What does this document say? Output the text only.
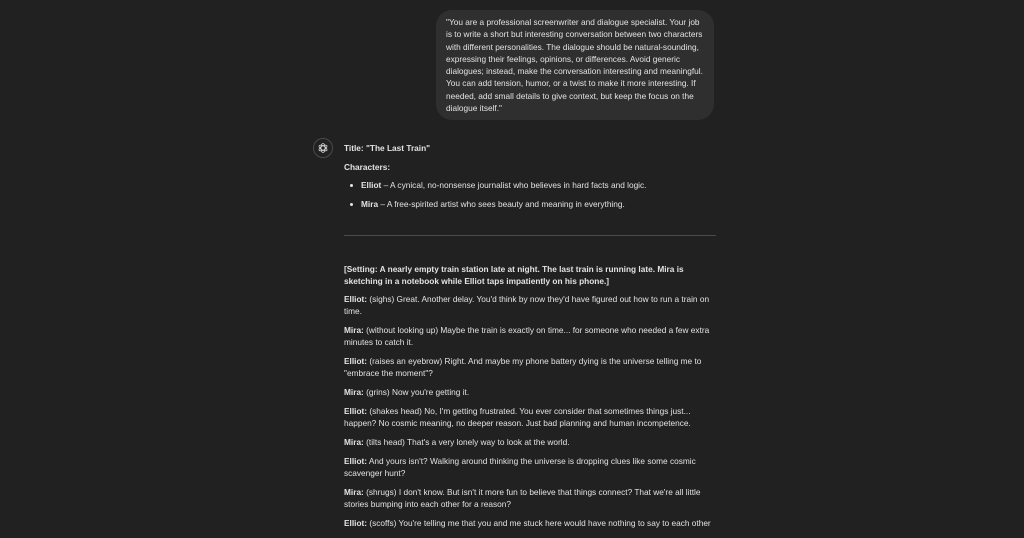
"You are a professional screenwriter and dialogue specialist. Your job is to write a short but interesting conversation between two characters with different personalities. The dialogue should be natural-sounding, expressing their feelings, opinions, or differences. Avoid generic dialogues; instead, make the conversation interesting and meaningful. You can add tension, humor, or a twist to make it more interesting. If needed, add small details to give context, but keep the focus on the dialogue itself."

Title: "The Last Train"

Characters:

Elliot – A cynical, no-nonsense journalist who believes in hard facts and logic.
Mira – A free-spirited artist who sees beauty and meaning in everything.

[Setting: A nearly empty train station late at night. The last train is running late. Mira is sketching in a notebook while Elliot taps impatiently on his phone.]

Elliot: (sighs) Great. Another delay. You'd think by now they'd have figured out how to run a train on time.

Mira: (without looking up) Maybe the train is exactly on time... for someone who needed a few extra minutes to catch it.

Elliot: (raises an eyebrow) Right. And maybe my phone battery dying is the universe telling me to "embrace the moment"?

Mira: (grins) Now you're getting it.

Elliot: (shakes head) No, I'm getting frustrated. You ever consider that sometimes things just... happen? No cosmic meaning, no deeper reason. Just bad planning and human incompetence.

Mira: (tilts head) That's a very lonely way to look at the world.

Elliot: And yours isn't? Walking around thinking the universe is dropping clues like some cosmic scavenger hunt?

Mira: (shrugs) I don't know. But isn't it more fun to believe that things connect? That we're all little stories bumping into each other for a reason?

Elliot: (scoffs) You're telling me that you and me stuck here would have nothing to say to each other
